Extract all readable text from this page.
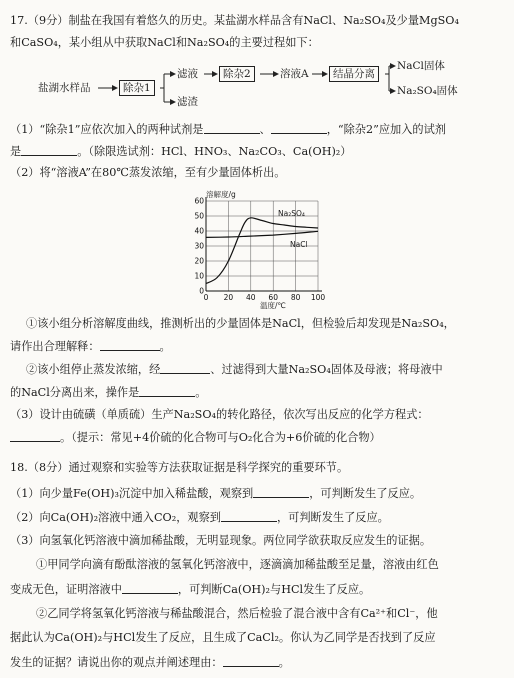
17.（9分）制盐在我国有着悠久的历史。某盐湖水样品含有NaCl、Na₂SO₄及少量MgSO₄
和CaSO₄，某小组从中获取NaCl和Na₂SO₄的主要过程如下：
盐湖水样品	除杂1
滤液
滤渣
除杂2	溶液A	结晶分离
NaCl固体
Na₂SO₄固体
（1）“除杂1”应依次加入的两种试剂是	、	，“除杂2”应加入的试剂
是	。（除限选试剂：HCl、HNO₃、Na₂CO₃、Ca(OH)₂）
（2）将“溶液A”在80℃蒸发浓缩，至有少量固体析出。
0
10
20
30
40
50
60
0 20 40 60 80 100
溶解度/g
温度/℃
Na₂SO₄
NaCl
①该小组分析溶解度曲线，推测析出的少量固体是NaCl，但检验后却发现是Na₂SO₄，
请作出合理解释：	。
②该小组停止蒸发浓缩，经	、过滤得到大量Na₂SO₄固体及母液；将母液中
的NaCl分离出来，操作是	。
（3）设计由硫磺（单质硫）生产Na₂SO₄的转化路径，依次写出反应的化学方程式：
。（提示：常见+4价硫的化合物可与O₂化合为+6价硫的化合物）
18.（8分）通过观察和实验等方法获取证据是科学探究的重要环节。
（1）向少量Fe(OH)₃沉淀中加入稀盐酸，观察到	，可判断发生了反应。
（2）向Ca(OH)₂溶液中通入CO₂，观察到	，可判断发生了反应。
（3）向氢氧化钙溶液中滴加稀盐酸，无明显现象。两位同学欲获取反应发生的证据。
①甲同学向滴有酚酞溶液的氢氧化钙溶液中，逐滴滴加稀盐酸至足量，溶液由红色
变成无色，证明溶液中	，可判断Ca(OH)₂与HCl发生了反应。
②乙同学将氢氧化钙溶液与稀盐酸混合，然后检验了混合液中含有Ca²⁺和Cl⁻，他
据此认为Ca(OH)₂与HCl发生了反应，且生成了CaCl₂。你认为乙同学是否找到了反应
发生的证据？请说出你的观点并阐述理由：	。
